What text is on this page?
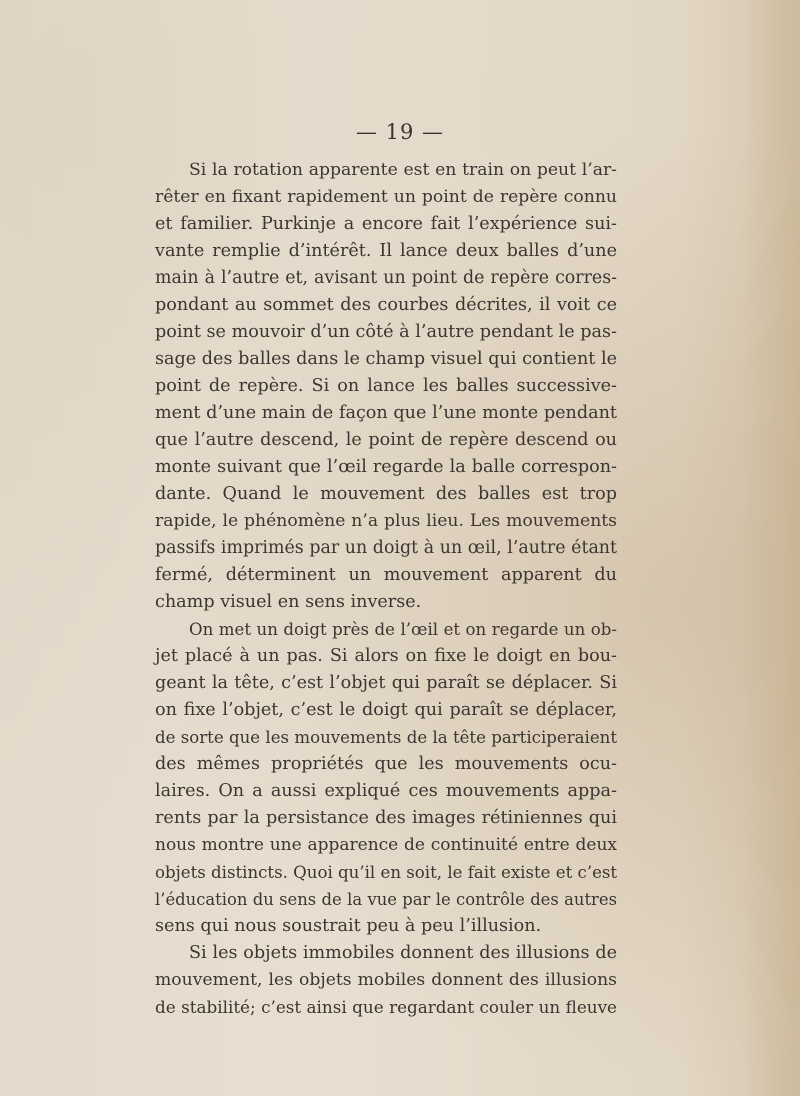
— 19 —
Si la rotation apparente est en train on peut l’ar-
rêter en fixant rapidement un point de repère connu
et familier. Purkinje a encore fait l’expérience sui-
vante remplie d’intérêt. Il lance deux balles d’une
main à l’autre et, avisant un point de repère corres-
pondant au sommet des courbes décrites, il voit ce
point se mouvoir d’un côté à l’autre pendant le pas-
sage des balles dans le champ visuel qui contient le
point de repère. Si on lance les balles successive-
ment d’une main de façon que l’une monte pendant
que l’autre descend, le point de repère descend ou
monte suivant que l’œil regarde la balle correspon-
dante. Quand le mouvement des balles est trop
rapide, le phénomène n’a plus lieu. Les mouvements
passifs imprimés par un doigt à un œil, l’autre étant
fermé, déterminent un mouvement apparent du
champ visuel en sens inverse.
On met un doigt près de l’œil et on regarde un ob-
jet placé à un pas. Si alors on fixe le doigt en bou-
geant la tête, c’est l’objet qui paraît se déplacer. Si
on fixe l’objet, c’est le doigt qui paraît se déplacer,
de sorte que les mouvements de la tête participeraient
des mêmes propriétés que les mouvements ocu-
laires. On a aussi expliqué ces mouvements appa-
rents par la persistance des images rétiniennes qui
nous montre une apparence de continuité entre deux
objets distincts. Quoi qu’il en soit, le fait existe et c’est
l’éducation du sens de la vue par le contrôle des autres
sens qui nous soustrait peu à peu l’illusion.
Si les objets immobiles donnent des illusions de
mouvement, les objets mobiles donnent des illusions
de stabilité; c’est ainsi que regardant couler un fleuve
